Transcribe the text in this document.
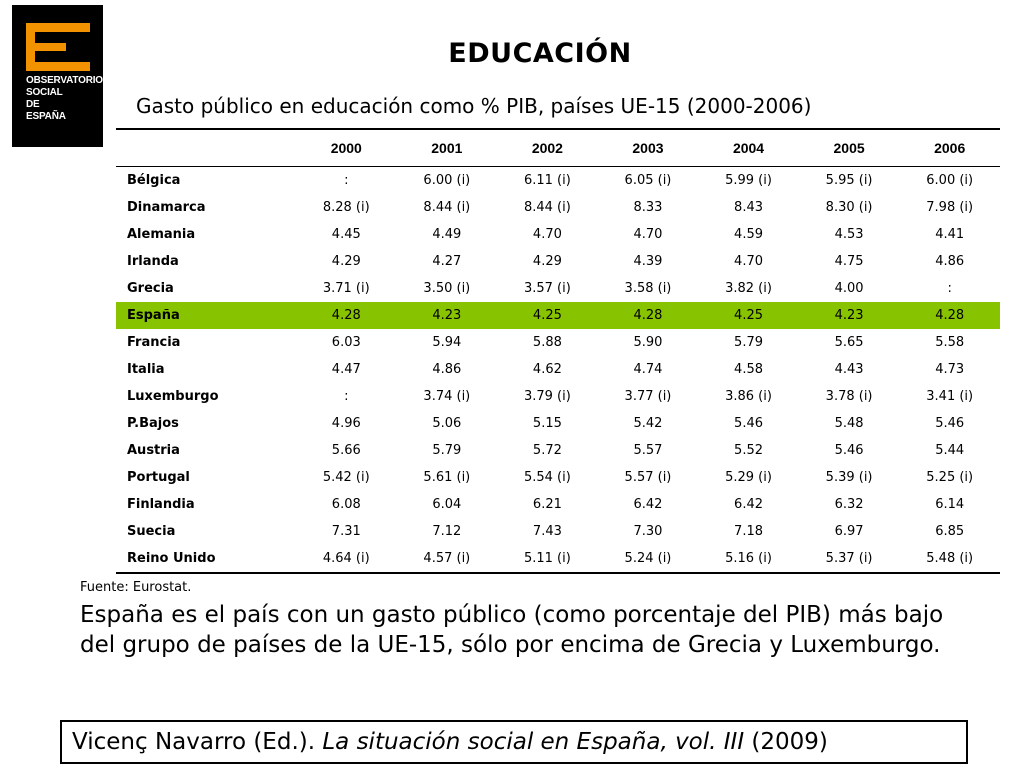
OBSERVATORIO
SOCIAL
DE
ESPAÑA
EDUCACIÓN
Gasto público en educación como % PIB, países UE-15 (2000-2006)
	2000	2001	2002	2003	2004	2005	2006
Bélgica	:	6.00 (i)	6.11 (i)	6.05 (i)	5.99 (i)	5.95 (i)	6.00 (i)
Dinamarca	8.28 (i)	8.44 (i)	8.44 (i)	8.33	8.43	8.30 (i)	7.98 (i)
Alemania	4.45	4.49	4.70	4.70	4.59	4.53	4.41
Irlanda	4.29	4.27	4.29	4.39	4.70	4.75	4.86
Grecia	3.71 (i)	3.50 (i)	3.57 (i)	3.58 (i)	3.82 (i)	4.00	:
España	4.28	4.23	4.25	4.28	4.25	4.23	4.28
Francia	6.03	5.94	5.88	5.90	5.79	5.65	5.58
Italia	4.47	4.86	4.62	4.74	4.58	4.43	4.73
Luxemburgo	:	3.74 (i)	3.79 (i)	3.77 (i)	3.86 (i)	3.78 (i)	3.41 (i)
P.Bajos	4.96	5.06	5.15	5.42	5.46	5.48	5.46
Austria	5.66	5.79	5.72	5.57	5.52	5.46	5.44
Portugal	5.42 (i)	5.61 (i)	5.54 (i)	5.57 (i)	5.29 (i)	5.39 (i)	5.25 (i)
Finlandia	6.08	6.04	6.21	6.42	6.42	6.32	6.14
Suecia	7.31	7.12	7.43	7.30	7.18	6.97	6.85
Reino Unido	4.64 (i)	4.57 (i)	5.11 (i)	5.24 (i)	5.16 (i)	5.37 (i)	5.48 (i)
Fuente: Eurostat.
España es el país con un gasto público (como porcentaje del PIB) más bajo del grupo de países de la UE-15, sólo por encima de Grecia y Luxemburgo.
Vicenç Navarro (Ed.). La situación social en España, vol. III (2009)
